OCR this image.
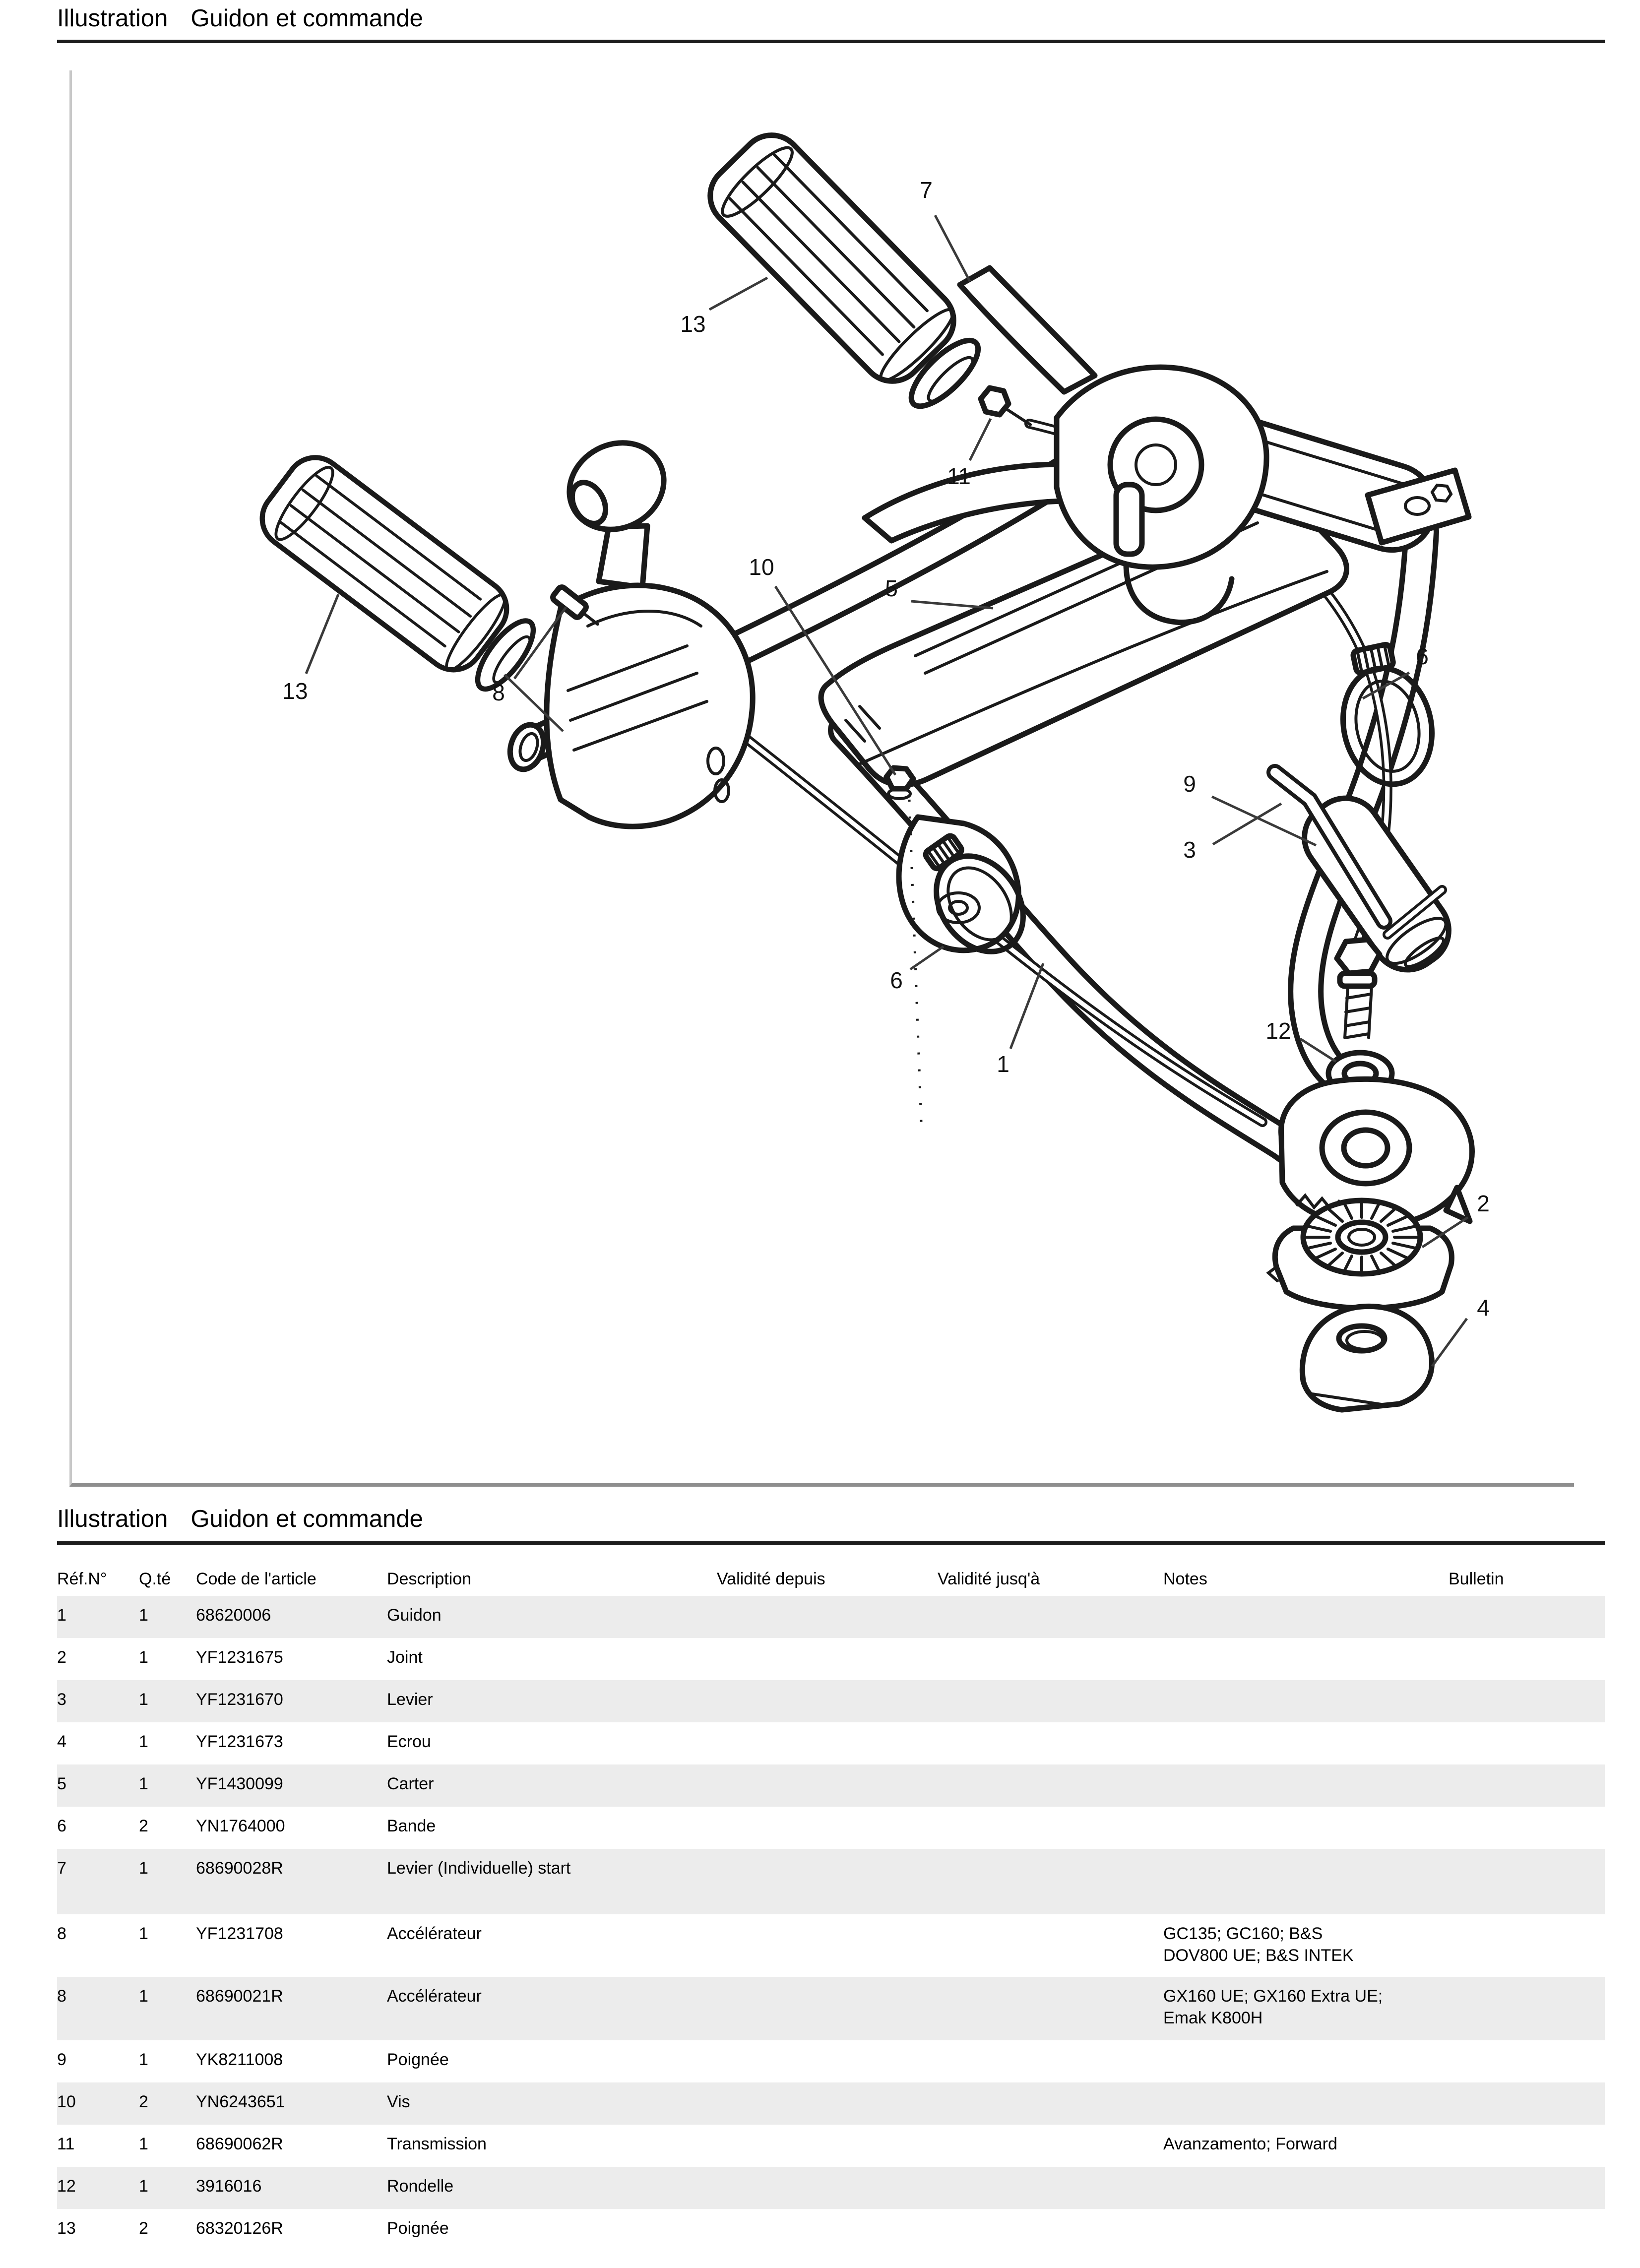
Illustration Guidon et commande
7
13
11
13	8
10
5
6
9
3
6
1
12
2
4
Illustration Guidon et commande
Réf.N°	Q.té	Code de l'article	Description	Validité depuis	Validité jusq'à	Notes	Bulletin
1	1	68620006	Guidon				
2	1	YF1231675	Joint				
3	1	YF1231670	Levier				
4	1	YF1231673	Ecrou				
5	1	YF1430099	Carter				
6	2	YN1764000	Bande				
7	1	68690028R	Levier (Individuelle) start				
8	1	YF1231708	Accélérateur			GC135; GC160; B&S
DOV800 UE; B&S INTEK	
8	1	68690021R	Accélérateur			GX160 UE; GX160 Extra UE;
Emak K800H	
9	1	YK8211008	Poignée				
10	2	YN6243651	Vis				
11	1	68690062R	Transmission			Avanzamento; Forward	
12	1	3916016	Rondelle				
13	2	68320126R	Poignée				
